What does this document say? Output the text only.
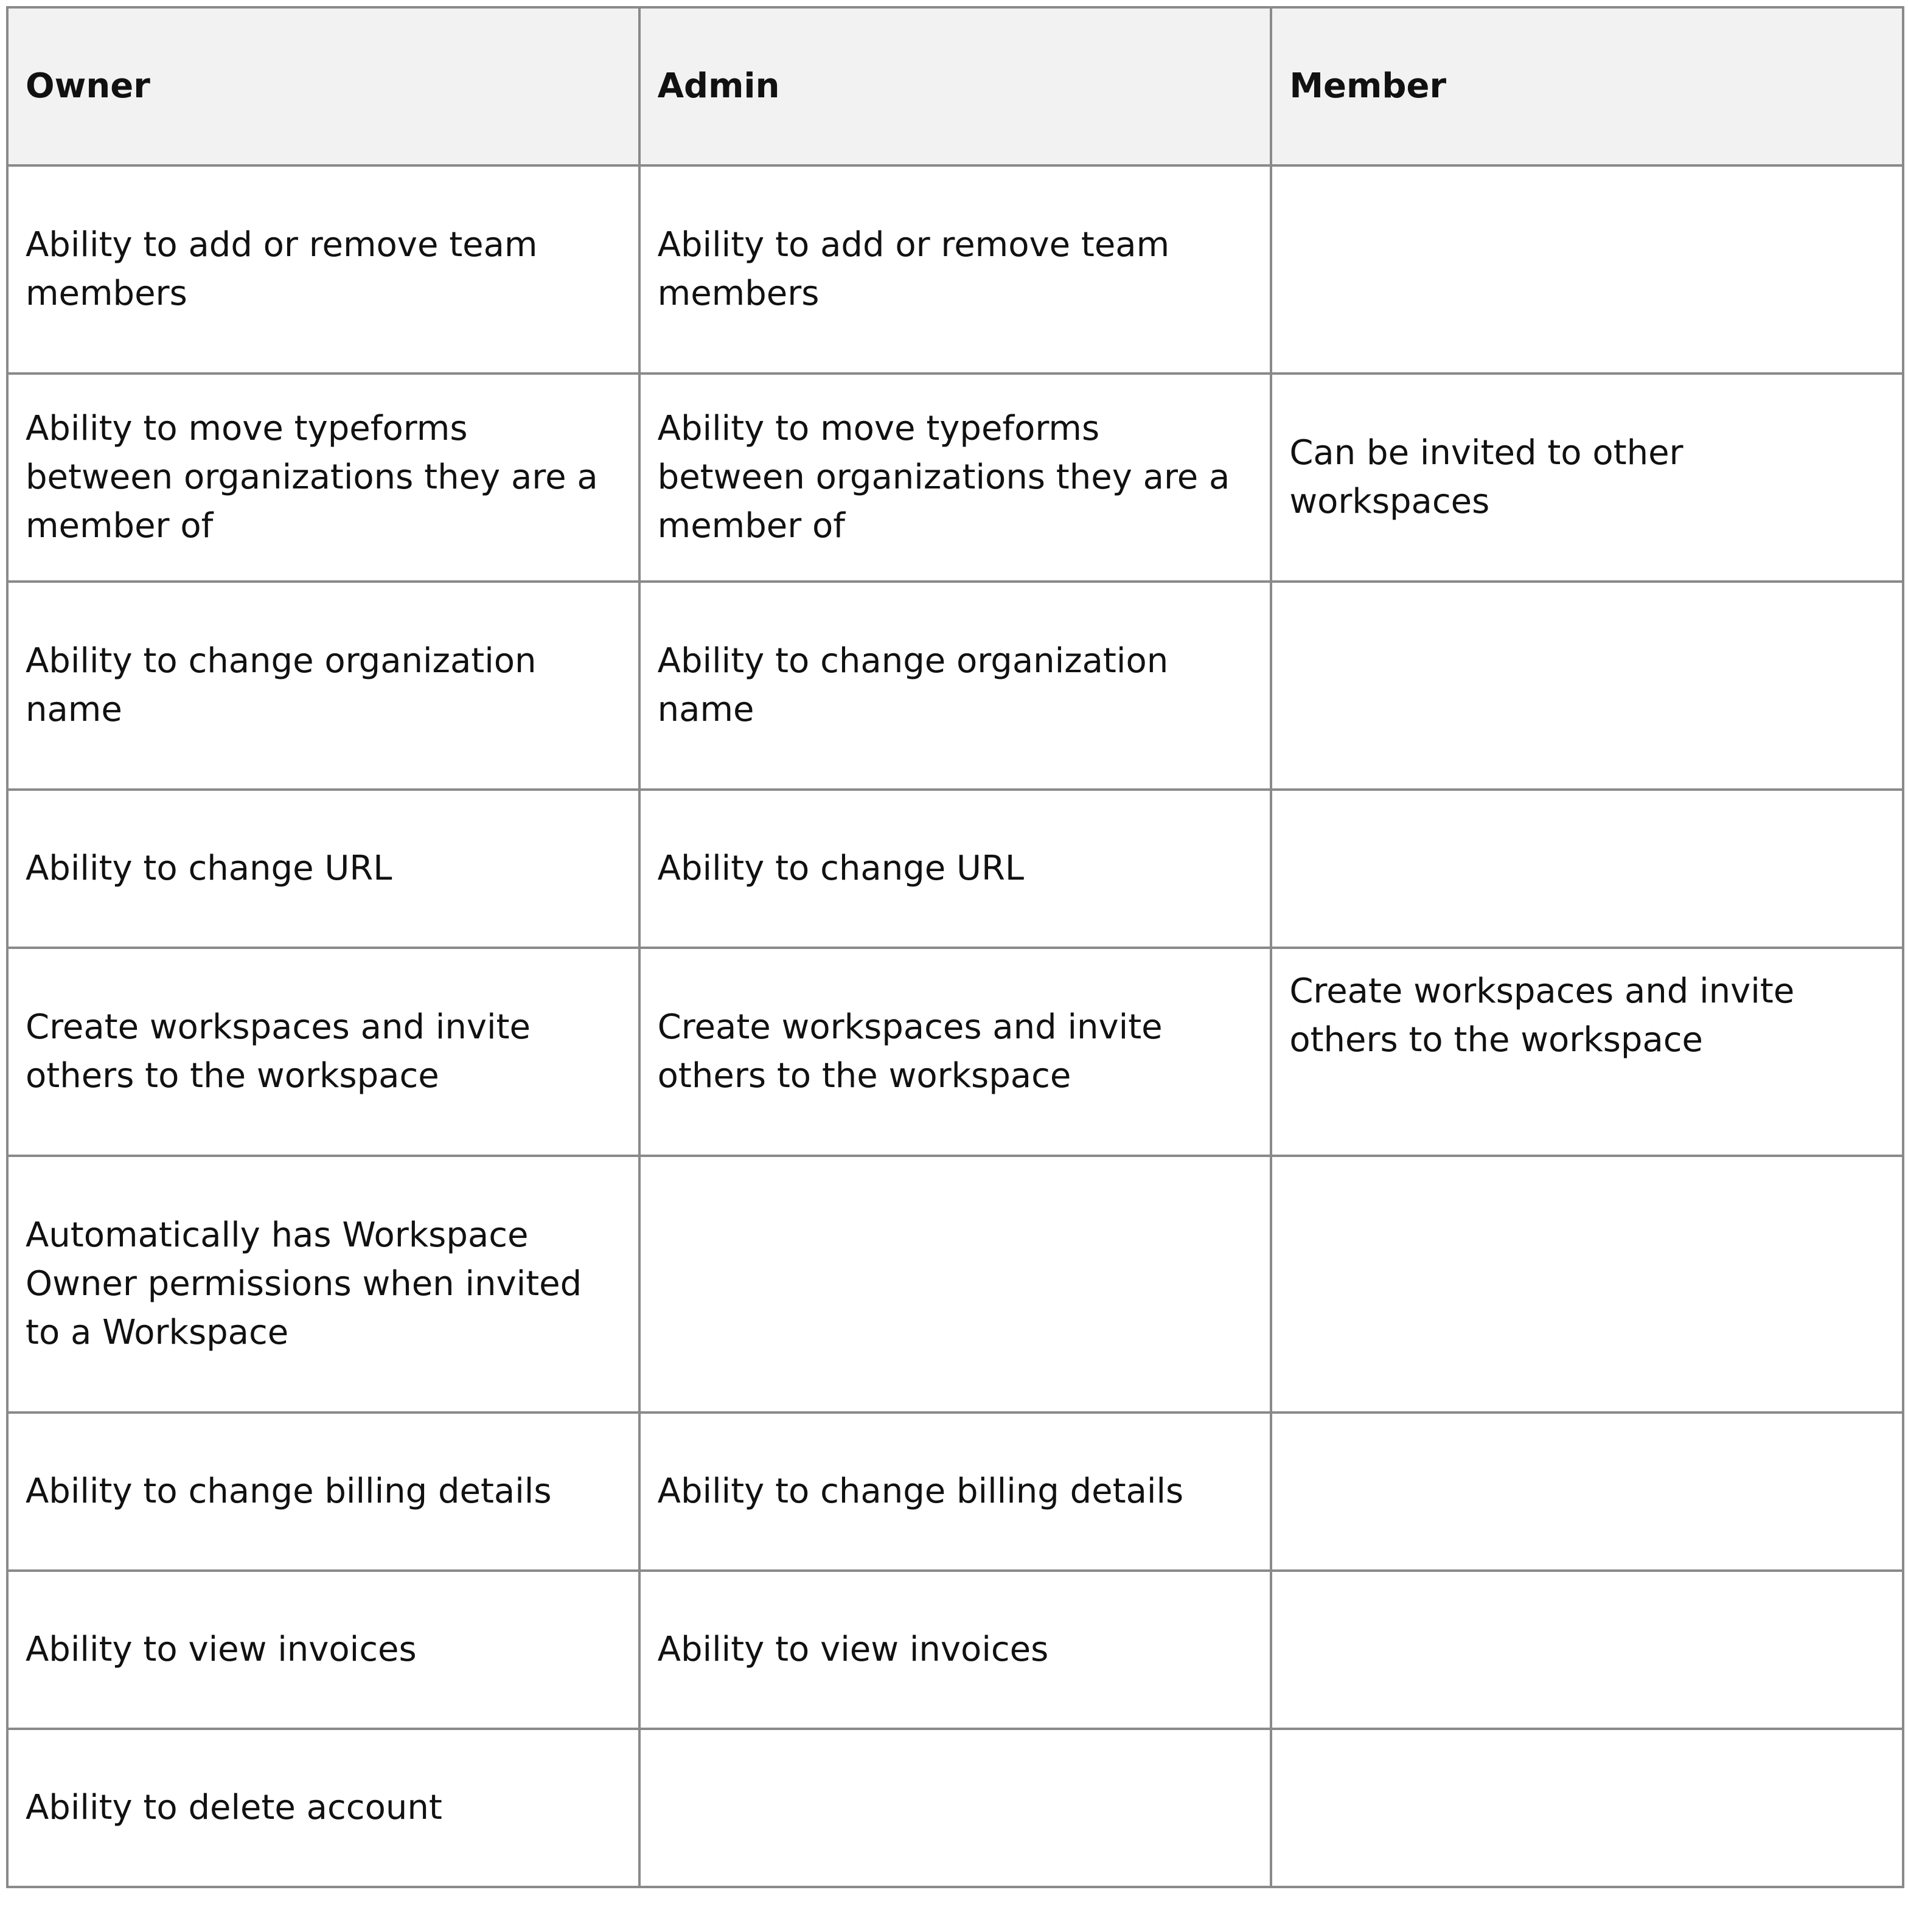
Owner	Admin	Member
Ability to add or remove team members	Ability to add or remove team members	
Ability to move typeforms between organizations they are a member of	Ability to move typeforms between organizations they are a member of	Can be invited to other workspaces
Ability to change organization name	Ability to change organization name	
Ability to change URL	Ability to change URL	
Create workspaces and invite others to the workspace	Create workspaces and invite others to the workspace	Create workspaces and invite others to the workspace
Automatically has Workspace Owner permissions when invited to a Workspace		
Ability to change billing details	Ability to change billing details	
Ability to view invoices	Ability to view invoices	
Ability to delete account		
